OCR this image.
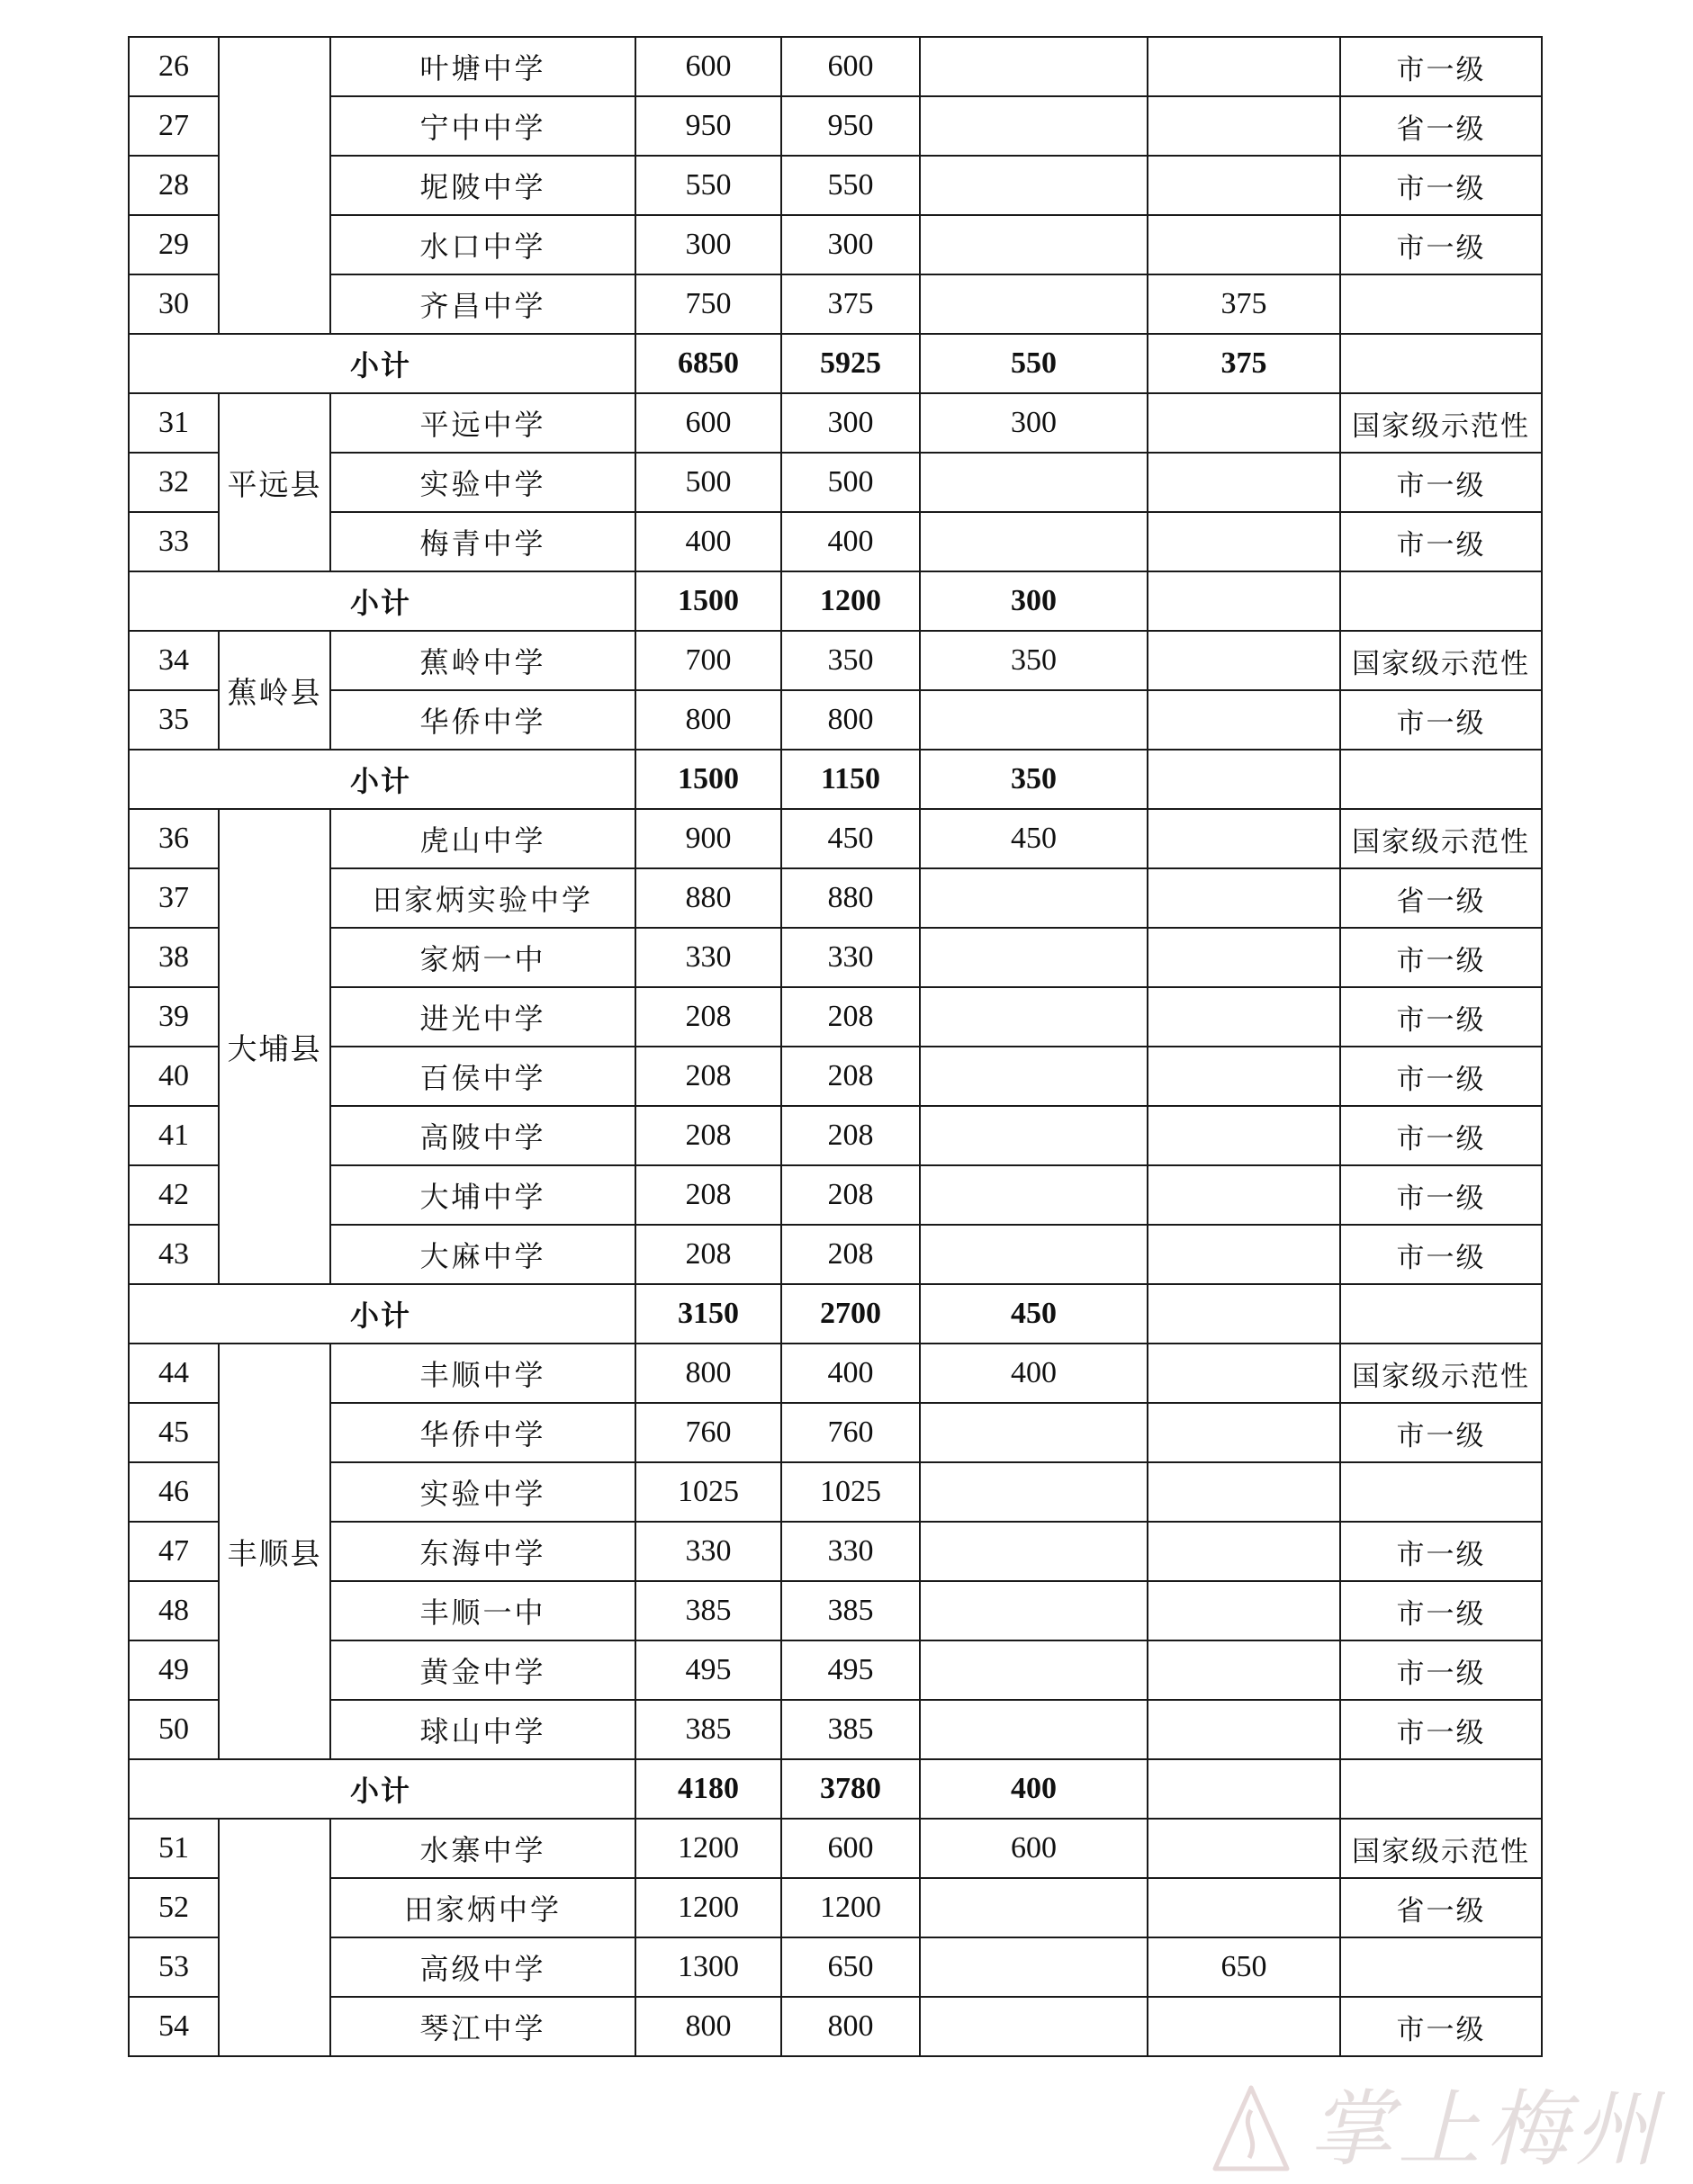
26		叶塘中学	600	600			市一级
27		宁中中学	950	950			省一级
28		坭陂中学	550	550			市一级
29		水口中学	300	300			市一级
30		齐昌中学	750	375		375	
小计			6850	5925	550	375	
31	平远县	平远中学	600	300	300		国家级示范性
32		实验中学	500	500			市一级
33		梅青中学	400	400			市一级
小计			1500	1200	300		
34	蕉岭县	蕉岭中学	700	350	350		国家级示范性
35		华侨中学	800	800			市一级
小计			1500	1150	350		
36	大埔县	虎山中学	900	450	450		国家级示范性
37		田家炳实验中学	880	880			省一级
38		家炳一中	330	330			市一级
39		进光中学	208	208			市一级
40		百侯中学	208	208			市一级
41		高陂中学	208	208			市一级
42		大埔中学	208	208			市一级
43		大麻中学	208	208			市一级
小计			3150	2700	450		
44	丰顺县	丰顺中学	800	400	400		国家级示范性
45		华侨中学	760	760			市一级
46		实验中学	1025	1025			
47		东海中学	330	330			市一级
48		丰顺一中	385	385			市一级
49		黄金中学	495	495			市一级
50		球山中学	385	385			市一级
小计			4180	3780	400		
51		水寨中学	1200	600	600		国家级示范性
52		田家炳中学	1200	1200			省一级
53		高级中学	1300	650		650	
54		琴江中学	800	800			市一级
掌上梅州
